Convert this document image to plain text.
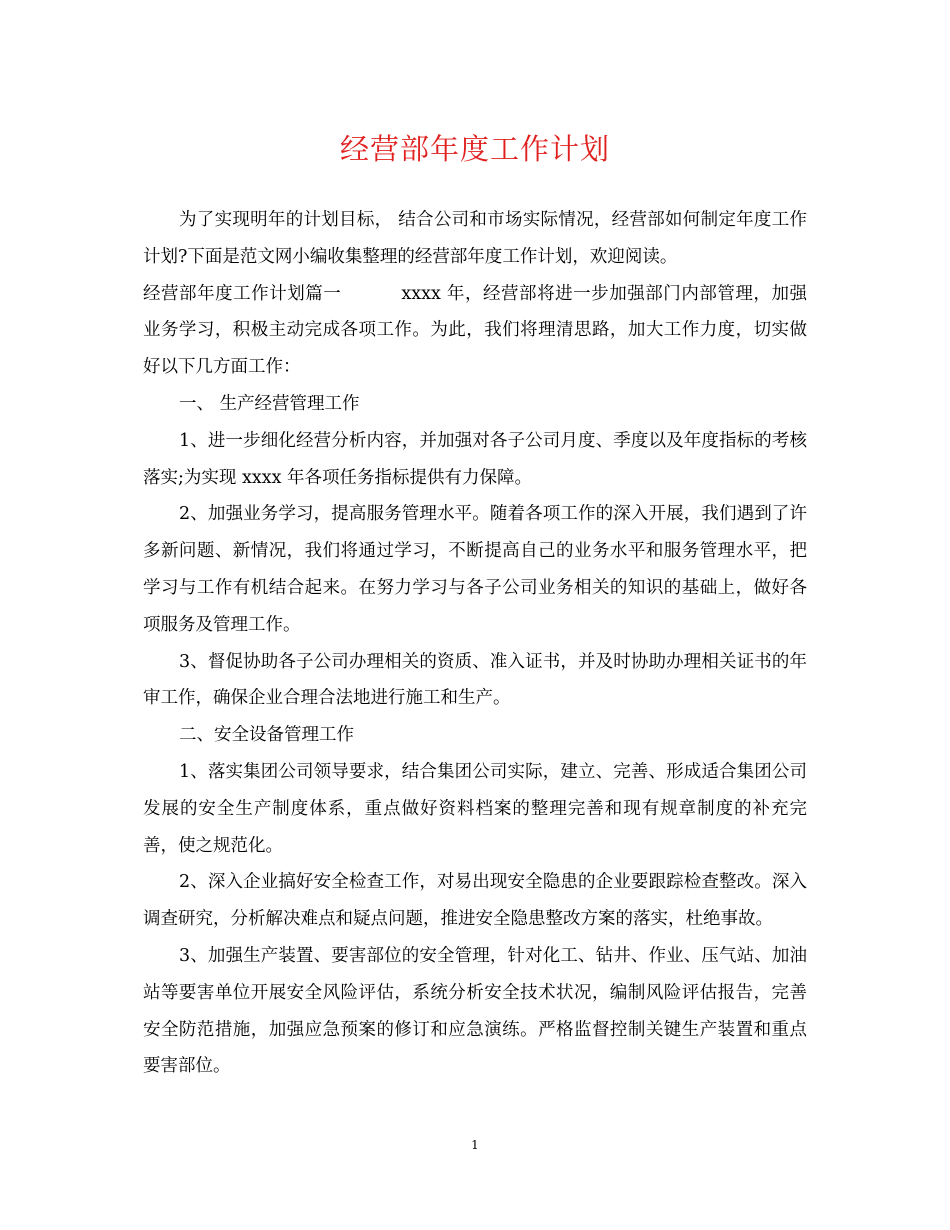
经营部年度工作计划

为了实现明年的计划目标， 结合公司和市场实际情况，经营部如何制定年度工作计划?下面是范文网小编收集整理的经营部年度工作计划，欢迎阅读。

经营部年度工作计划篇一	xxxx 年，经营部将进一步加强部门内部管理，加强业务学习，积极主动完成各项工作。为此，我们将理清思路，加大工作力度，切实做好以下几方面工作：

一、 生产经营管理工作

1、进一步细化经营分析内容，并加强对各子公司月度、季度以及年度指标的考核落实;为实现 xxxx 年各项任务指标提供有力保障。

2、加强业务学习，提高服务管理水平。随着各项工作的深入开展，我们遇到了许多新问题、新情况，我们将通过学习，不断提高自己的业务水平和服务管理水平，把学习与工作有机结合起来。在努力学习与各子公司业务相关的知识的基础上，做好各项服务及管理工作。

3、督促协助各子公司办理相关的资质、准入证书，并及时协助办理相关证书的年审工作，确保企业合理合法地进行施工和生产。

二、安全设备管理工作

1、落实集团公司领导要求，结合集团公司实际，建立、完善、形成适合集团公司发展的安全生产制度体系，重点做好资料档案的整理完善和现有规章制度的补充完善，使之规范化。

2、深入企业搞好安全检查工作，对易出现安全隐患的企业要跟踪检查整改。深入调查研究，分析解决难点和疑点问题，推进安全隐患整改方案的落实，杜绝事故。

3、加强生产装置、要害部位的安全管理，针对化工、钻井、作业、压气站、加油站等要害单位开展安全风险评估，系统分析安全技术状况，编制风险评估报告，完善安全防范措施，加强应急预案的修订和应急演练。严格监督控制关键生产装置和重点要害部位。

1
